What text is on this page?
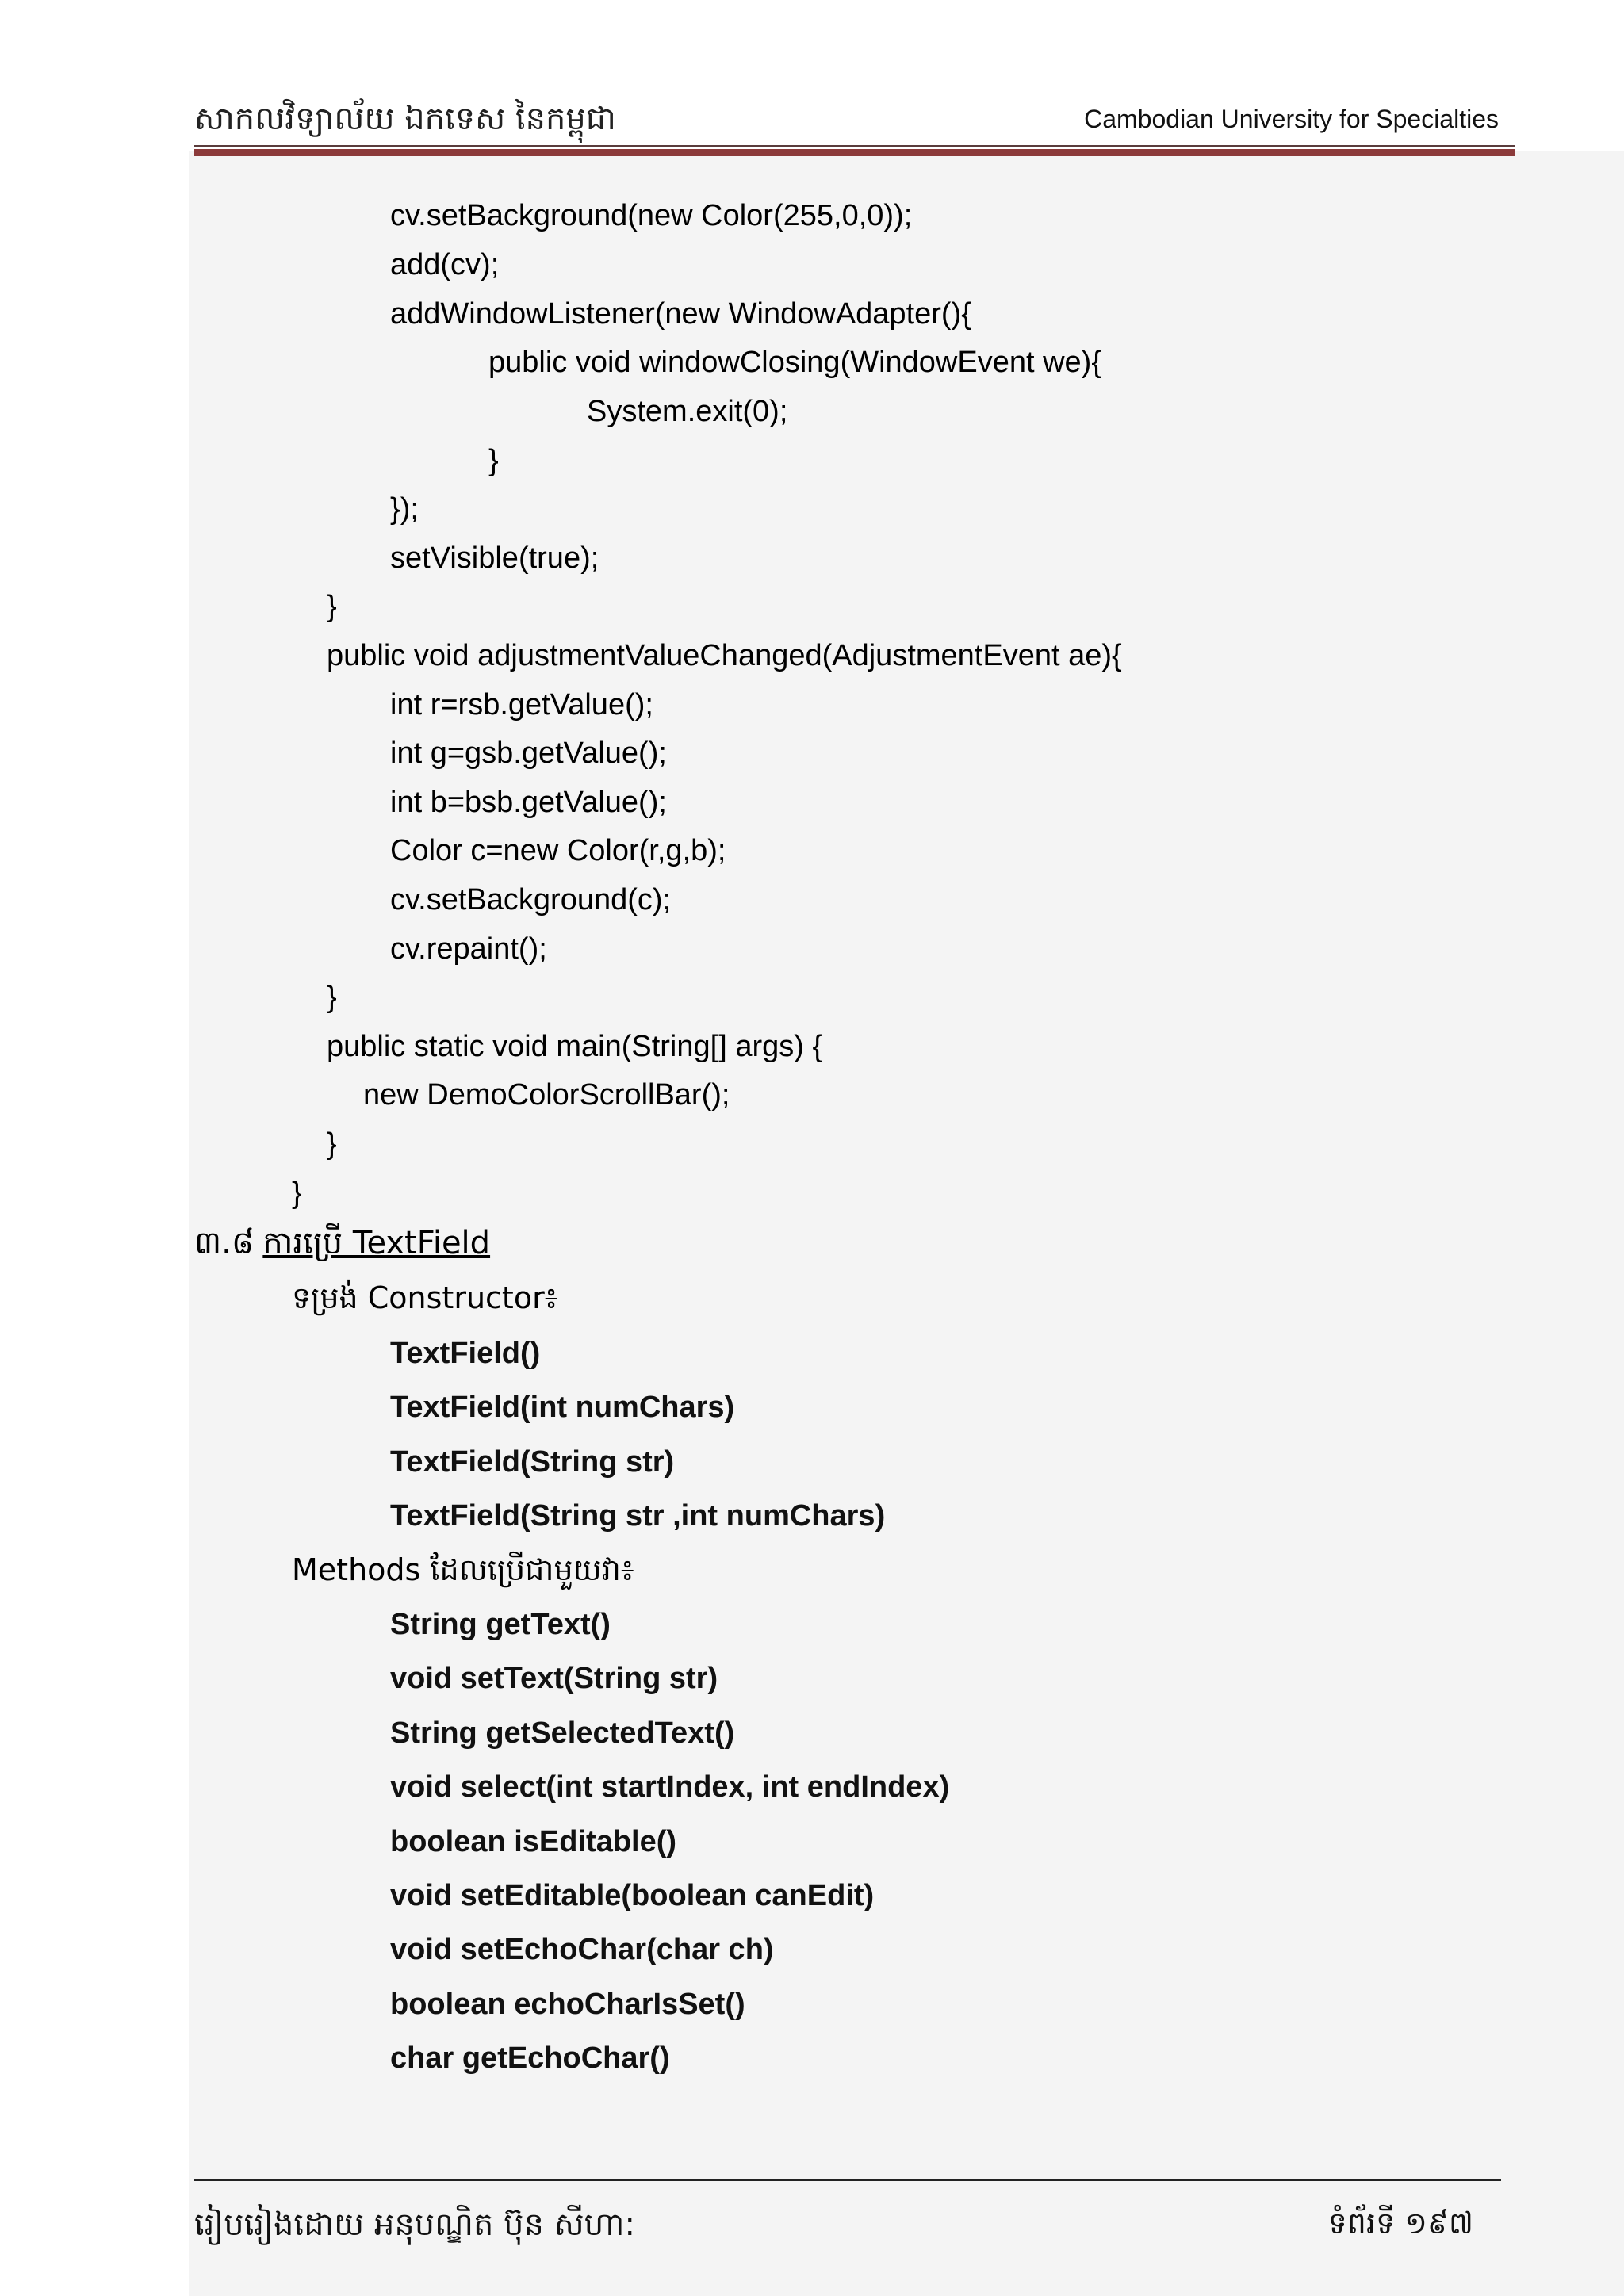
សាកលវិទ្យាល័យ ឯកទេស នៃកម្ពុជា	Cambodian University for Specialties
cv.setBackground(new Color(255,0,0));
add(cv);
addWindowListener(new WindowAdapter(){
public void windowClosing(WindowEvent we){
System.exit(0);
}
});
setVisible(true);
}
public void adjustmentValueChanged(AdjustmentEvent ae){
int r=rsb.getValue();
int g=gsb.getValue();
int b=bsb.getValue();
Color c=new Color(r,g,b);
cv.setBackground(c);
cv.repaint();
}
public static void main(String[] args) {
new DemoColorScrollBar();
}
}
៣.៨ ការប្រើ TextField
ទម្រង់ Constructor៖
TextField()
TextField(int numChars)
TextField(String str)
TextField(String str ,int numChars)
Methods ដែលប្រើជាមួយវា៖
String getText()
void setText(String str)
String getSelectedText()
void select(int startIndex, int endIndex)
boolean isEditable()
void setEditable(boolean canEdit)
void setEchoChar(char ch)
boolean echoCharIsSet()
char getEchoChar()
រៀបរៀងដោយ អនុបណ្ឌិត ប៊ុន សីហា:	ទំព័រទី ១៩៧
